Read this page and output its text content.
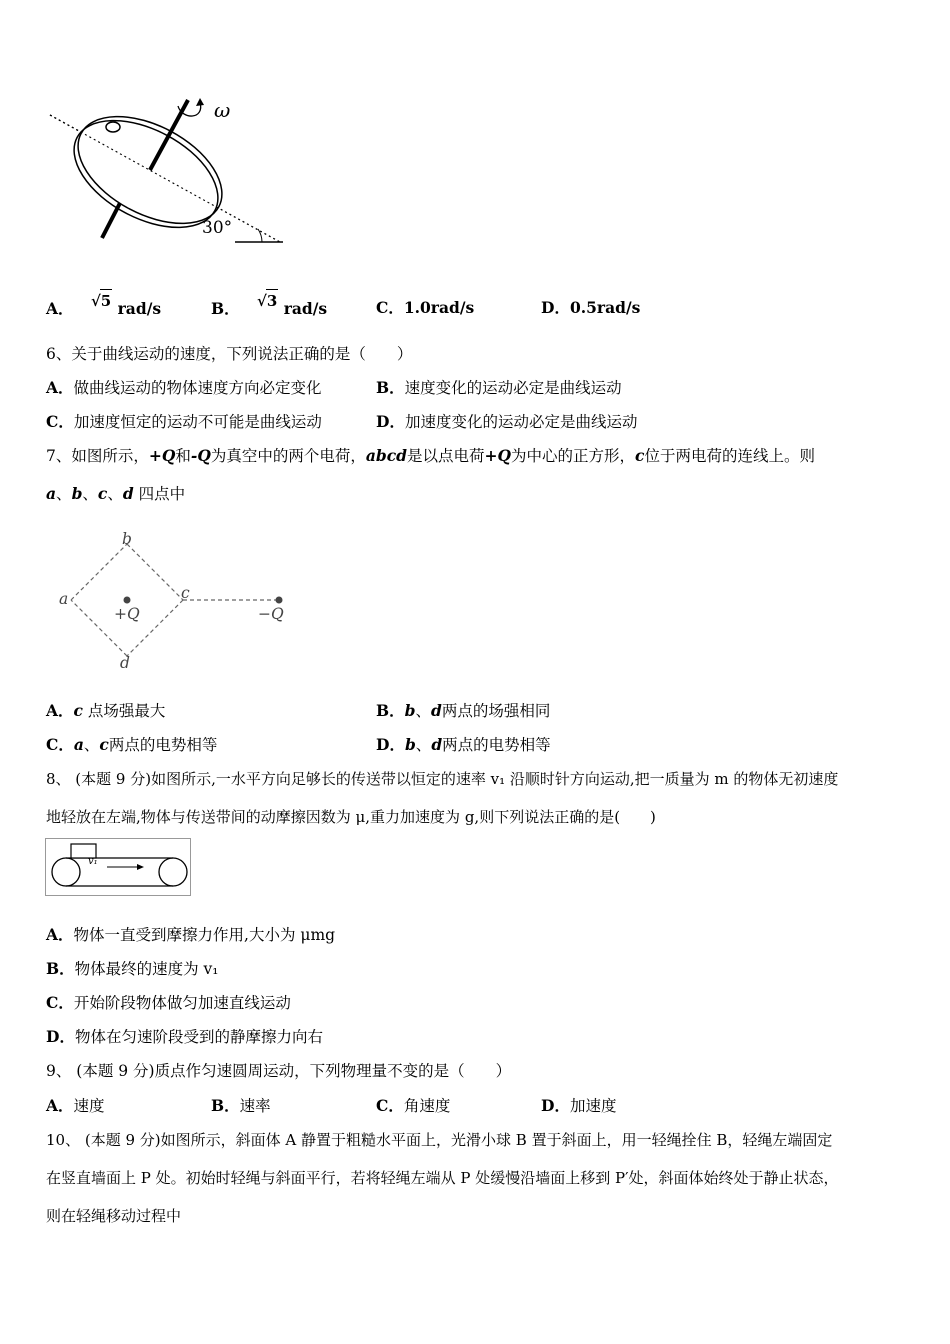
ω
30°
A． √5 rad/s	B． √3 rad/s	C．1.0rad/s	D．0.5rad/s
6、关于曲线运动的速度，下列说法正确的是（　　）
A．做曲线运动的物体速度方向必定变化	B．速度变化的运动必定是曲线运动
C．加速度恒定的运动不可能是曲线运动	D．加速度变化的运动必定是曲线运动
7、如图所示，+Q和-Q为真空中的两个电荷，abcd是以点电荷+Q为中心的正方形，c位于两电荷的连线上。则
a、b、c、d 四点中
b
a	c
d
+Q	−Q
A．c 点场强最大	B．b、d两点的场强相同
C．a、c两点的电势相等	D．b、d两点的电势相等
8、 (本题 9 分)如图所示,一水平方向足够长的传送带以恒定的速率 v₁ 沿顺时针方向运动,把一质量为 m 的物体无初速度
地轻放在左端,物体与传送带间的动摩擦因数为 μ,重力加速度为 g,则下列说法正确的是(　　)
v₁
A．物体一直受到摩擦力作用,大小为 μmg
B．物体最终的速度为 v₁
C．开始阶段物体做匀加速直线运动
D．物体在匀速阶段受到的静摩擦力向右
9、 (本题 9 分)质点作匀速圆周运动，下列物理量不变的是（　　）
A．速度	B．速率	C．角速度	D．加速度
10、 (本题 9 分)如图所示，斜面体 A 静置于粗糙水平面上，光滑小球 B 置于斜面上，用一轻绳拴住 B，轻绳左端固定
在竖直墙面上 P 处。初始时轻绳与斜面平行，若将轻绳左端从 P 处缓慢沿墙面上移到 P′处，斜面体始终处于静止状态，
则在轻绳移动过程中
